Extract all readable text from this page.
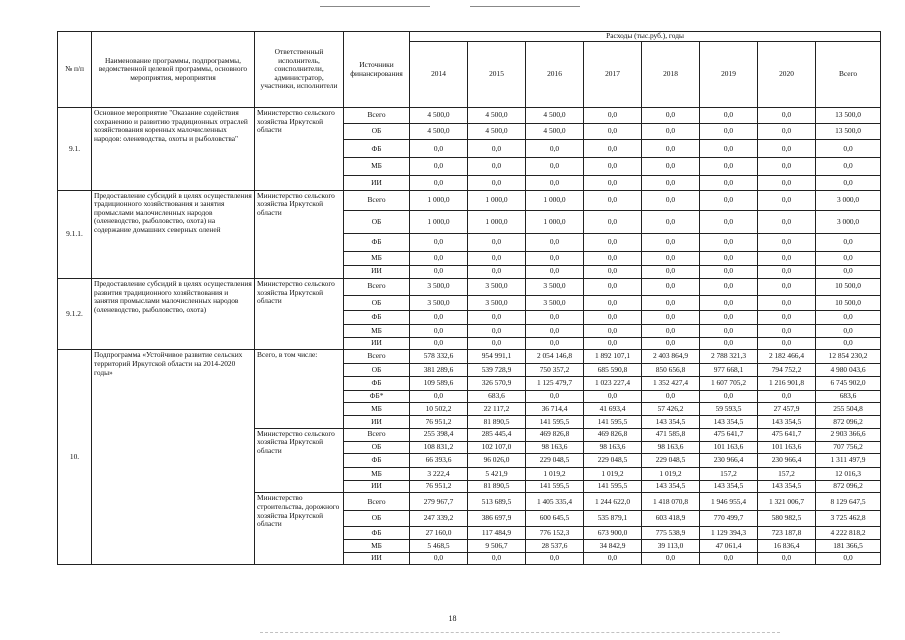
№ п/п	Наименование программы, подпрограммы, ведомственной целевой программы, основного мероприятия, мероприятия	Ответственный исполнитель, соисполнители, администратор, участники, исполнители	Источники финансирования	Расходы (тыс.руб.), годы							
				2014	2015	2016	2017	2018	2019	2020	Всего
9.1.	Основное мероприятие "Оказание содействия сохранению и развитию традиционных отраслей хозяйствования коренных малочисленных народов: оленеводства, охоты и рыболовства"	Министерство сельского хозяйства Иркутской области	Всего	4 500,0	4 500,0	4 500,0	0,0	0,0	0,0	0,0	13 500,0
			ОБ	4 500,0	4 500,0	4 500,0	0,0	0,0	0,0	0,0	13 500,0
			ФБ	0,0	0,0	0,0	0,0	0,0	0,0	0,0	0,0
			МБ	0,0	0,0	0,0	0,0	0,0	0,0	0,0	0,0
			ИИ	0,0	0,0	0,0	0,0	0,0	0,0	0,0	0,0
9.1.1.	Предоставление субсидий в целях осуществления традиционного хозяйствования и занятия промыслами малочисленных народов (оленеводство, рыболовство, охота) на содержание домашних северных оленей	Министерство сельского хозяйства Иркутской области	Всего	1 000,0	1 000,0	1 000,0	0,0	0,0	0,0	0,0	3 000,0
			ОБ	1 000,0	1 000,0	1 000,0	0,0	0,0	0,0	0,0	3 000,0
			ФБ	0,0	0,0	0,0	0,0	0,0	0,0	0,0	0,0
			МБ	0,0	0,0	0,0	0,0	0,0	0,0	0,0	0,0
			ИИ	0,0	0,0	0,0	0,0	0,0	0,0	0,0	0,0
9.1.2.	Предоставление субсидий в целях осуществления развития традиционного хозяйствования и занятия промыслами малочисленных народов (оленеводство, рыболовство, охота)	Министерство сельского хозяйства Иркутской области	Всего	3 500,0	3 500,0	3 500,0	0,0	0,0	0,0	0,0	10 500,0
			ОБ	3 500,0	3 500,0	3 500,0	0,0	0,0	0,0	0,0	10 500,0
			ФБ	0,0	0,0	0,0	0,0	0,0	0,0	0,0	0,0
			МБ	0,0	0,0	0,0	0,0	0,0	0,0	0,0	0,0
			ИИ	0,0	0,0	0,0	0,0	0,0	0,0	0,0	0,0
10.	Подпрограмма «Устойчивое развитие сельских территорий Иркутской области на 2014-2020 годы»	Всего, в том числе:	Всего	578 332,6	954 991,1	2 054 146,8	1 892 107,1	2 403 864,9	2 788 321,3	2 182 466,4	12 854 230,2
			ОБ	381 289,6	539 728,9	750 357,2	685 590,8	850 656,8	977 668,1	794 752,2	4 980 043,6
			ФБ	109 589,6	326 570,9	1 125 479,7	1 023 227,4	1 352 427,4	1 607 705,2	1 216 901,8	6 745 902,0
			ФБ*	0,0	683,6	0,0	0,0	0,0	0,0	0,0	683,6
			МБ	10 502,2	22 117,2	36 714,4	41 693,4	57 426,2	59 593,5	27 457,9	255 504,8
			ИИ	76 951,2	81 890,5	141 595,5	141 595,5	143 354,5	143 354,5	143 354,5	872 096,2
		Министерство сельского хозяйства Иркутской области	Всего	255 398,4	285 445,4	469 826,8	469 826,8	471 585,8	475 641,7	475 641,7	2 903 366,6
			ОБ	108 831,2	102 107,0	98 163,6	98 163,6	98 163,6	101 163,6	101 163,6	707 756,2
			ФБ	66 393,6	96 026,0	229 048,5	229 048,5	229 048,5	230 966,4	230 966,4	1 311 497,9
			МБ	3 222,4	5 421,9	1 019,2	1 019,2	1 019,2	157,2	157,2	12 016,3
			ИИ	76 951,2	81 890,5	141 595,5	141 595,5	143 354,5	143 354,5	143 354,5	872 096,2
		Министерство строительства, дорожного хозяйства Иркутской области	Всего	279 967,7	513 689,5	1 405 335,4	1 244 622,0	1 418 070,8	1 946 955,4	1 321 006,7	8 129 647,5
			ОБ	247 339,2	386 697,9	600 645,5	535 879,1	603 418,9	770 499,7	580 982,5	3 725 462,8
			ФБ	27 160,0	117 484,9	776 152,3	673 900,0	775 538,9	1 129 394,3	723 187,8	4 222 818,2
			МБ	5 468,5	9 506,7	28 537,6	34 842,9	39 113,0	47 061,4	16 836,4	181 366,5
			ИИ	0,0	0,0	0,0	0,0	0,0	0,0	0,0	0,0
18
